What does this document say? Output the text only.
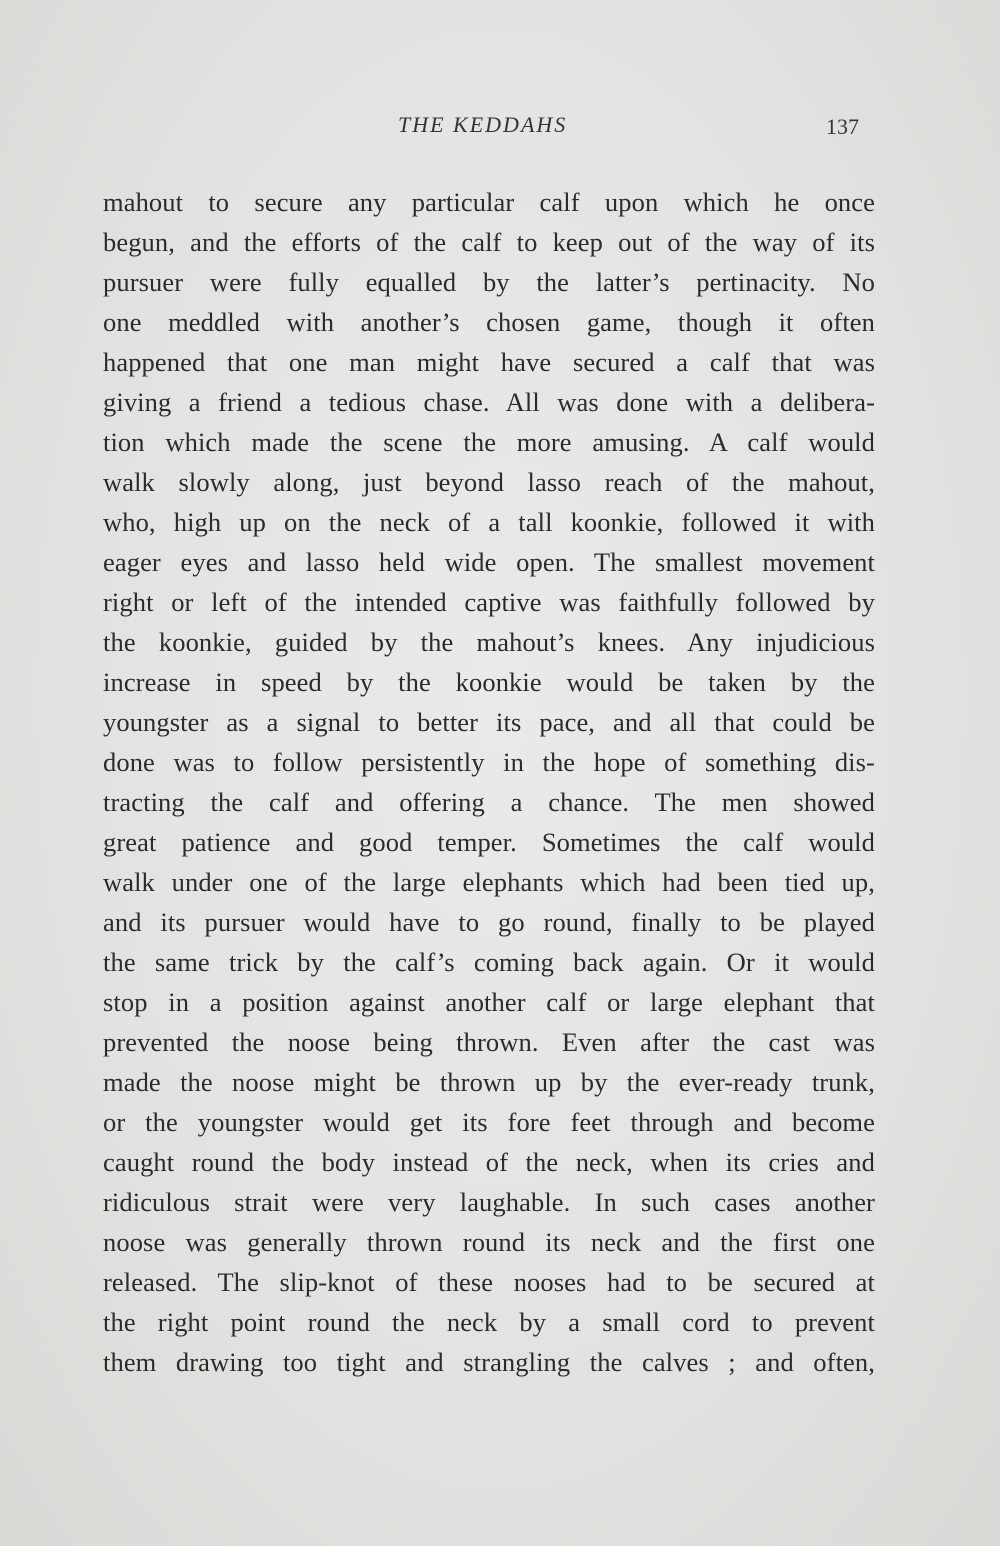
THE KEDDAHS	137
mahout to secure any particular calf upon which he once
begun, and the efforts of the calf to keep out of the way of its
pursuer were fully equalled by the latter’s pertinacity. No
one meddled with another’s chosen game, though it often
happened that one man might have secured a calf that was
giving a friend a tedious chase. All was done with a delibera-
tion which made the scene the more amusing. A calf would
walk slowly along, just beyond lasso reach of the mahout,
who, high up on the neck of a tall koonkie, followed it with
eager eyes and lasso held wide open. The smallest movement
right or left of the intended captive was faithfully followed by
the koonkie, guided by the mahout’s knees. Any injudicious
increase in speed by the koonkie would be taken by the
youngster as a signal to better its pace, and all that could be
done was to follow persistently in the hope of something dis-
tracting the calf and offering a chance. The men showed
great patience and good temper. Sometimes the calf would
walk under one of the large elephants which had been tied up,
and its pursuer would have to go round, finally to be played
the same trick by the calf’s coming back again. Or it would
stop in a position against another calf or large elephant that
prevented the noose being thrown. Even after the cast was
made the noose might be thrown up by the ever-ready trunk,
or the youngster would get its fore feet through and become
caught round the body instead of the neck, when its cries and
ridiculous strait were very laughable. In such cases another
noose was generally thrown round its neck and the first one
released. The slip-knot of these nooses had to be secured at
the right point round the neck by a small cord to prevent
them drawing too tight and strangling the calves ; and often,
